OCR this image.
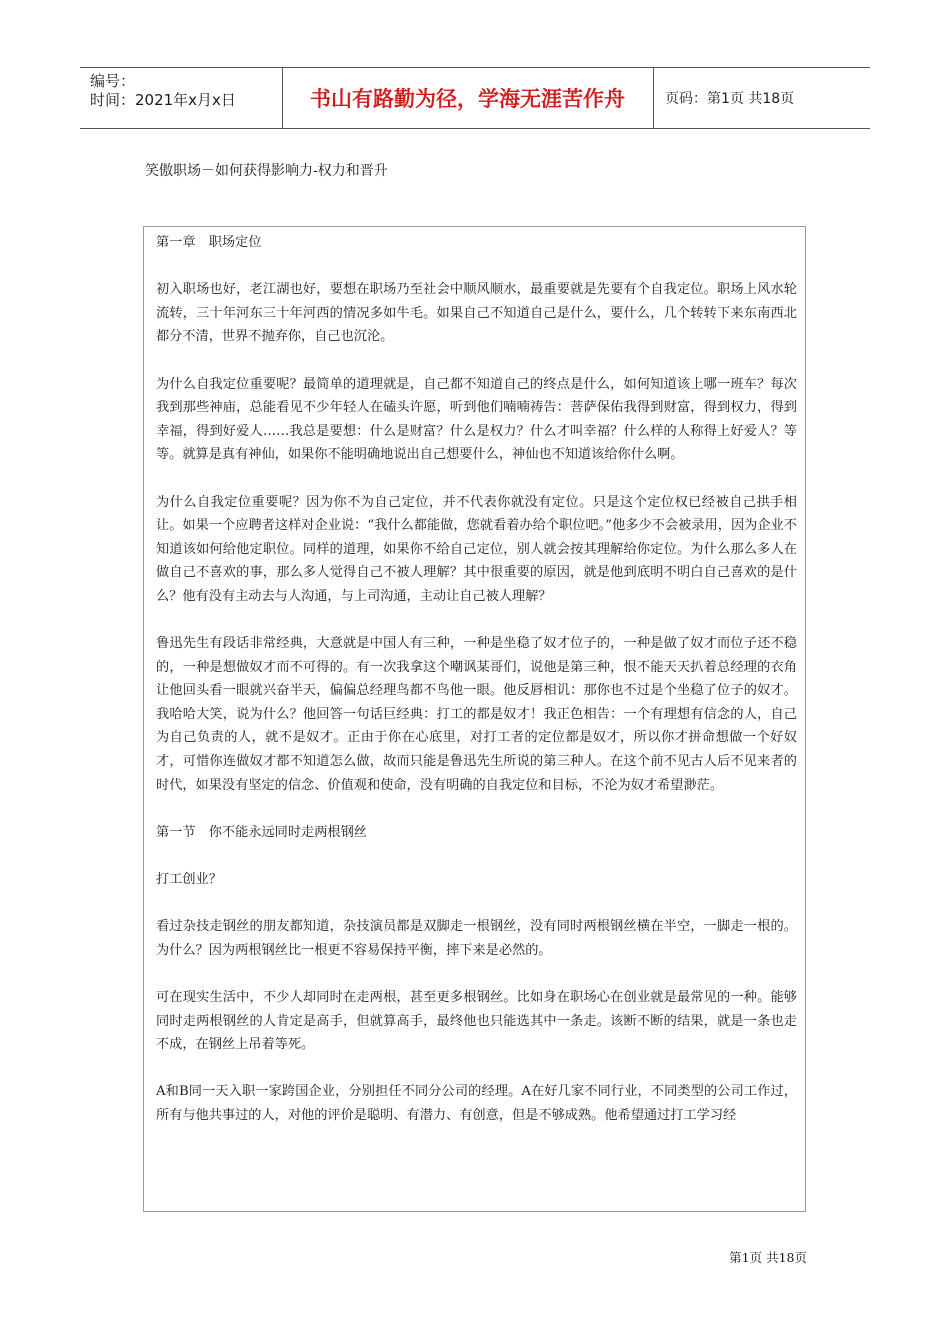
编号：
时间：2021年x月x日	书山有路勤为径，学海无涯苦作舟	页码：第1页 共18页
笑傲职场－如何获得影响力-权力和晋升

第一章　职场定位

初入职场也好，老江湖也好，要想在职场乃至社会中顺风顺水，最重要就是先要有个自我定位。职场上风水轮流转，三十年河东三十年河西的情况多如牛毛。如果自己不知道自己是什么，要什么，几个转转下来东南西北都分不清，世界不抛弃你，自己也沉沦。

为什么自我定位重要呢？最简单的道理就是，自己都不知道自己的终点是什么，如何知道该上哪一班车？每次我到那些神庙，总能看见不少年轻人在磕头许愿，听到他们喃喃祷告：菩萨保佑我得到财富，得到权力，得到幸福，得到好爱人……我总是要想：什么是财富？什么是权力？什么才叫幸福？什么样的人称得上好爱人？等等。就算是真有神仙，如果你不能明确地说出自己想要什么，神仙也不知道该给你什么啊。

为什么自我定位重要呢？因为你不为自己定位，并不代表你就没有定位。只是这个定位权已经被自己拱手相让。如果一个应聘者这样对企业说：“我什么都能做，您就看着办给个职位吧。”他多少不会被录用，因为企业不知道该如何给他定职位。同样的道理，如果你不给自己定位，别人就会按其理解给你定位。为什么那么多人在做自己不喜欢的事，那么多人觉得自己不被人理解？其中很重要的原因，就是他到底明不明白自己喜欢的是什么？他有没有主动去与人沟通，与上司沟通，主动让自己被人理解？

鲁迅先生有段话非常经典，大意就是中国人有三种，一种是坐稳了奴才位子的，一种是做了奴才而位子还不稳的，一种是想做奴才而不可得的。有一次我拿这个嘲讽某哥们，说他是第三种，恨不能天天扒着总经理的衣角让他回头看一眼就兴奋半天，偏偏总经理鸟都不鸟他一眼。他反唇相讥：那你也不过是个坐稳了位子的奴才。我哈哈大笑，说为什么？他回答一句话巨经典：打工的都是奴才！我正色相告：一个有理想有信念的人，自己为自己负责的人，就不是奴才。正由于你在心底里，对打工者的定位都是奴才，所以你才拼命想做一个好奴才，可惜你连做奴才都不知道怎么做，故而只能是鲁迅先生所说的第三种人。在这个前不见古人后不见来者的时代，如果没有坚定的信念、价值观和使命，没有明确的自我定位和目标，不沦为奴才希望渺茫。

第一节　你不能永远同时走两根钢丝

打工创业？

看过杂技走钢丝的朋友都知道，杂技演员都是双脚走一根钢丝，没有同时两根钢丝横在半空，一脚走一根的。为什么？因为两根钢丝比一根更不容易保持平衡，摔下来是必然的。

可在现实生活中，不少人却同时在走两根，甚至更多根钢丝。比如身在职场心在创业就是最常见的一种。能够同时走两根钢丝的人肯定是高手，但就算高手，最终他也只能选其中一条走。该断不断的结果，就是一条也走不成，在钢丝上吊着等死。

A和B同一天入职一家跨国企业，分别担任不同分公司的经理。A在好几家不同行业，不同类型的公司工作过，所有与他共事过的人，对他的评价是聪明、有潜力、有创意，但是不够成熟。他希望通过打工学习经

第1页 共18页
